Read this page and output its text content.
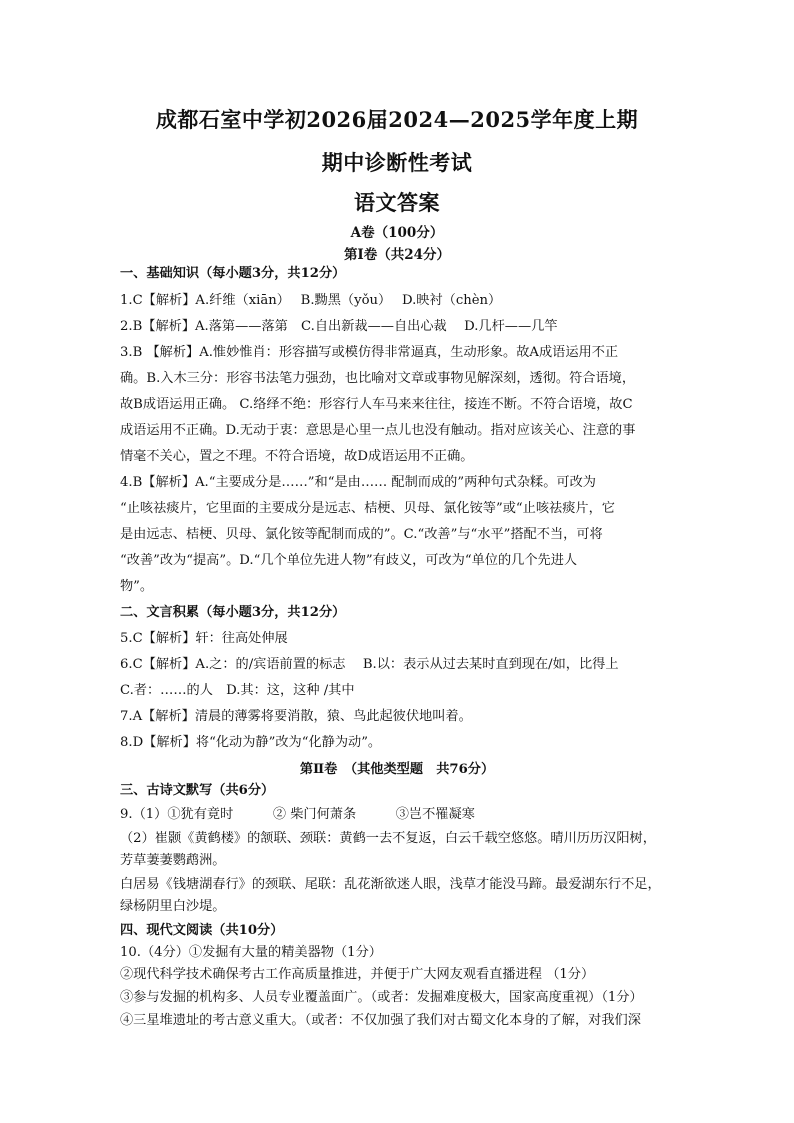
成都石室中学初2026届2024—2025学年度上期
期中诊断性考试
语文答案
A卷（100分）
第Ⅰ卷（共24分）
一、基础知识（每小题3分，共12分）
1.C【解析】A.纤维（xiān）　 B.黝黑（yǒu）　 D.映衬（chèn）
2.B【解析】A.落第——落第　C.自出新裁——自出心裁　 D.几杆——几竿
3.B 【解析】A.惟妙惟肖：形容描写或模仿得非常逼真，生动形象。故A成语运用不正
确。B.入木三分：形容书法笔力强劲，也比喻对文章或事物见解深刻，透彻。符合语境，
故B成语运用正确。 C.络绎不绝：形容行人车马来来往往，接连不断。不符合语境，故C
成语运用不正确。D.无动于衷：意思是心里一点儿也没有触动。指对应该关心、注意的事
情毫不关心，置之不理。不符合语境，故D成语运用不正确。
4.B【解析】A.“主要成分是……”和“是由…… 配制而成的”两种句式杂糅。可改为
“止咳祛痰片，它里面的主要成分是远志、桔梗、贝母、氯化铵等”或“止咳祛痰片，它
是由远志、桔梗、贝母、氯化铵等配制而成的”。C.“改善”与“水平”搭配不当，可将
“改善”改为“提高”。D.“几个单位先进人物”有歧义，可改为“单位的几个先进人
物”。
二、文言积累（每小题3分，共12分）
5.C【解析】轩：往高处伸展
6.C【解析】A.之：的/宾语前置的标志　 B.以：表示从过去某时直到现在/如，比得上
C.者：……的人　D.其：这，这种 /其中
7.A【解析】清晨的薄雾将要消散，猿、鸟此起彼伏地叫着。
8.D【解析】将“化动为静”改为“化静为动”。
第Ⅱ卷　（其他类型题　共76分）
三、古诗文默写（共6分）
9.（1）①犹有竟时　　　② 柴门何萧条　　　③岂不罹凝寒
（2）崔颢《黄鹤楼》的颔联、颈联：黄鹤一去不复返，白云千载空悠悠。晴川历历汉阳树，
芳草萋萋鹦鹉洲。
白居易《钱塘湖春行》的颈联、尾联：乱花渐欲迷人眼，浅草才能没马蹄。最爱湖东行不足，
绿杨阴里白沙堤。
四、现代文阅读（共10分）
10.（4分）①发掘有大量的精美器物（1分）
②现代科学技术确保考古工作高质量推进，并便于广大网友观看直播进程 （1分）
③参与发掘的机构多、人员专业覆盖面广。（或者：发掘难度极大，国家高度重视）（1分）
④三星堆遗址的考古意义重大。（或者：不仅加强了我们对古蜀文化本身的了解，对我们深
